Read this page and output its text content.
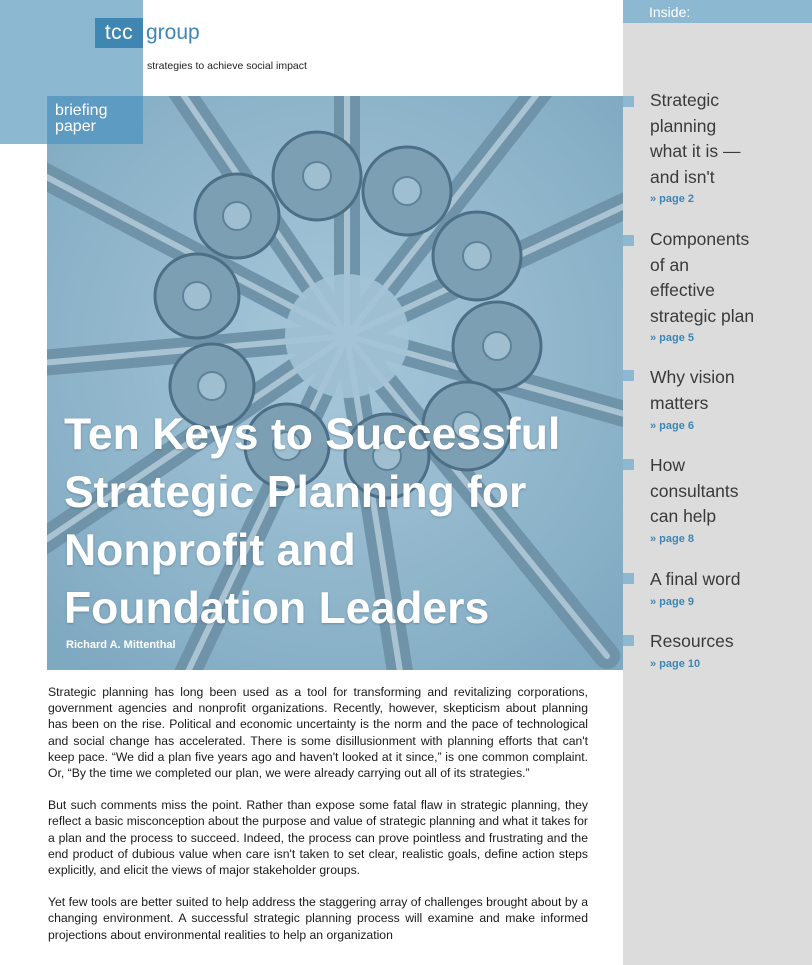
tcc group
strategies to achieve social impact
briefing
paper
Ten Keys to Successful
Strategic Planning for
Nonprofit and
Foundation Leaders
Richard A. Mittenthal
Inside:
Strategic
planning
what it is —
and isn't
» page 2
Components
of an
effective
strategic plan
» page 5
Why vision
matters
» page 6
How
consultants
can help
» page 8
A final word
» page 9
Resources
» page 10

Strategic planning has long been used as a tool for transforming and revitalizing corporations, government agencies and nonprofit organizations. Recently, however, skepticism about planning has been on the rise. Political and economic uncertainty is the norm and the pace of technological and social change has accelerated. There is some disillusionment with planning efforts that can't keep pace. “We did a plan five years ago and haven't looked at it since,” is one common complaint. Or, “By the time we completed our plan, we were already carrying out all of its strategies.”

But such comments miss the point. Rather than expose some fatal flaw in strategic planning, they reflect a basic misconception about the purpose and value of strategic planning and what it takes for a plan and the process to succeed. Indeed, the process can prove pointless and frustrating and the end product of dubious value when care isn't taken to set clear, realistic goals, define action steps explicitly, and elicit the views of major stakeholder groups.

Yet few tools are better suited to help address the staggering array of challenges brought about by a changing environment. A successful strategic planning process will examine and make informed projections about environmental realities to help an organization
